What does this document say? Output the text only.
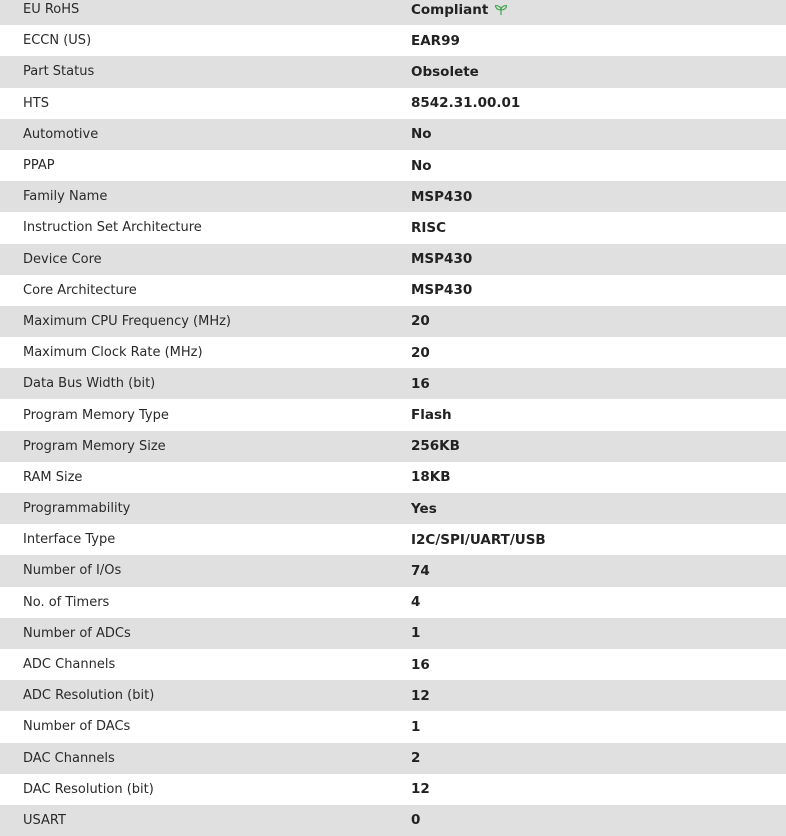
EU RoHS	Compliant
ECCN (US)	EAR99
Part Status	Obsolete
HTS	8542.31.00.01
Automotive	No
PPAP	No
Family Name	MSP430
Instruction Set Architecture	RISC
Device Core	MSP430
Core Architecture	MSP430
Maximum CPU Frequency (MHz)	20
Maximum Clock Rate (MHz)	20
Data Bus Width (bit)	16
Program Memory Type	Flash
Program Memory Size	256KB
RAM Size	18KB
Programmability	Yes
Interface Type	I2C/SPI/UART/USB
Number of I/Os	74
No. of Timers	4
Number of ADCs	1
ADC Channels	16
ADC Resolution (bit)	12
Number of DACs	1
DAC Channels	2
DAC Resolution (bit)	12
USART	0
